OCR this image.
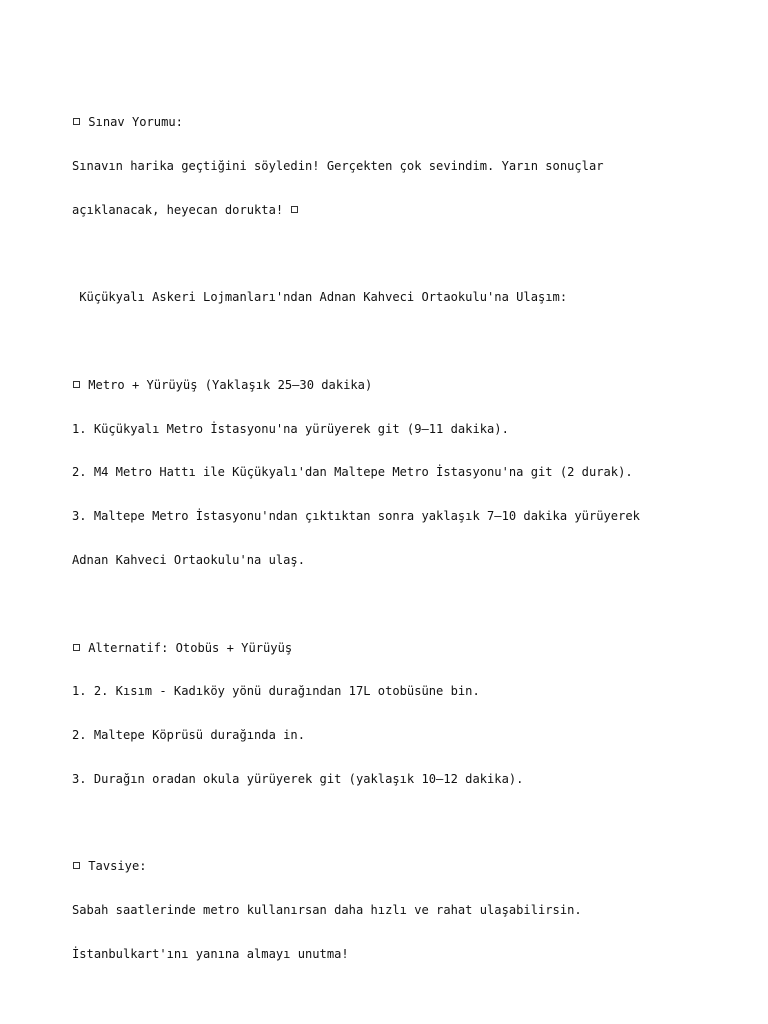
Sınav Yorumu:

Sınavın harika geçtiğini söyledin! Gerçekten çok sevindim. Yarın sonuçlar

açıklanacak, heyecan dorukta!

Küçükyalı Askeri Lojmanları'ndan Adnan Kahveci Ortaokulu'na Ulaşım:

Metro + Yürüyüş (Yaklaşık 25–30 dakika)

1. Küçükyalı Metro İstasyonu'na yürüyerek git (9–11 dakika).

2. M4 Metro Hattı ile Küçükyalı'dan Maltepe Metro İstasyonu'na git (2 durak).

3. Maltepe Metro İstasyonu'ndan çıktıktan sonra yaklaşık 7–10 dakika yürüyerek

Adnan Kahveci Ortaokulu'na ulaş.

Alternatif: Otobüs + Yürüyüş

1. 2. Kısım - Kadıköy yönü durağından 17L otobüsüne bin.

2. Maltepe Köprüsü durağında in.

3. Durağın oradan okula yürüyerek git (yaklaşık 10–12 dakika).

Tavsiye:

Sabah saatlerinde metro kullanırsan daha hızlı ve rahat ulaşabilirsin.

İstanbulkart'ını yanına almayı unutma!
